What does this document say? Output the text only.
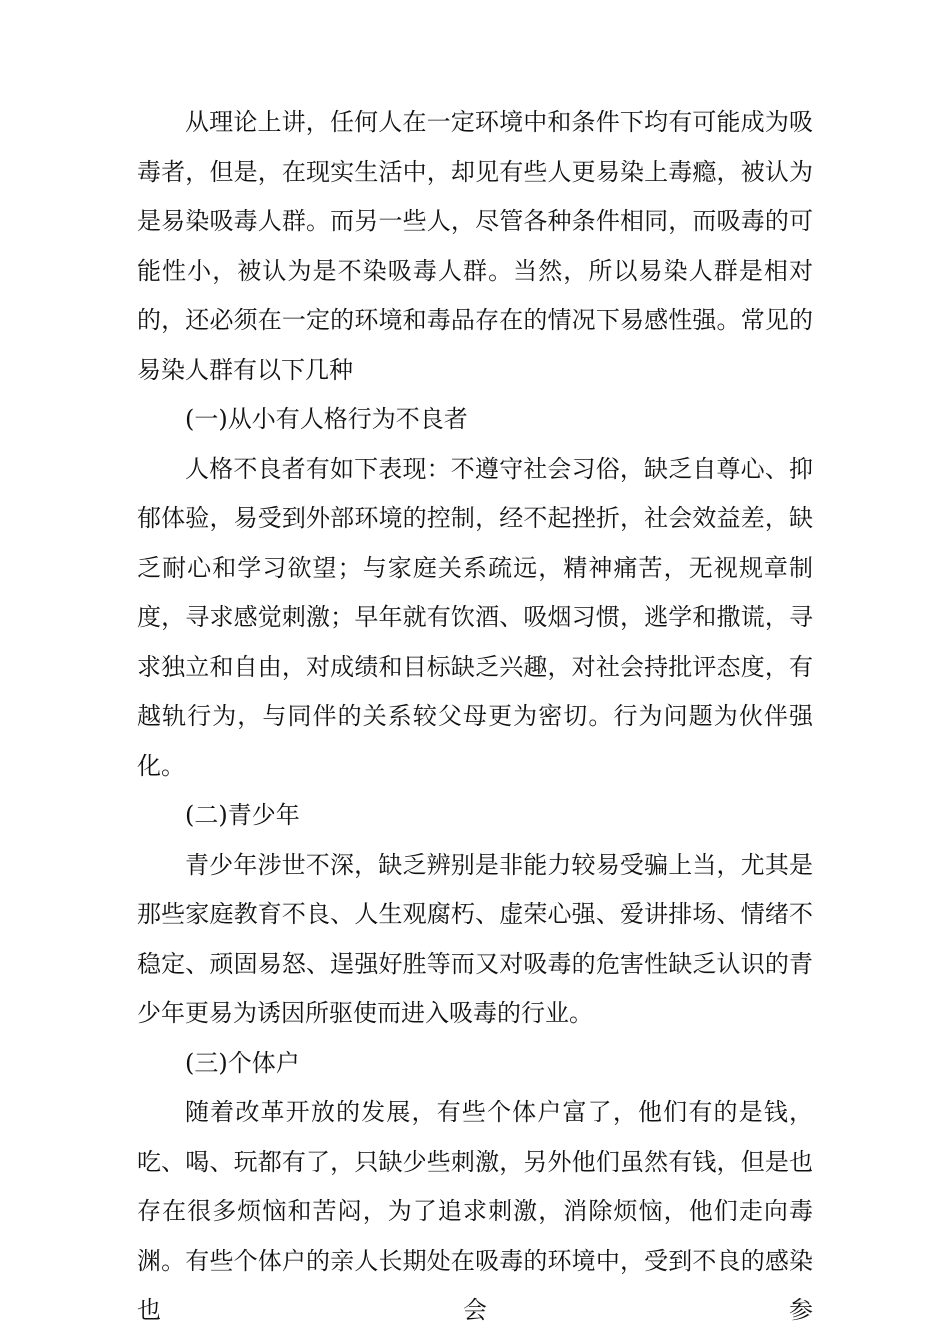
从理论上讲，任何人在一定环境中和条件下均有可能成为吸毒者，但是，在现实生活中，却见有些人更易染上毒瘾，被认为是易染吸毒人群。而另一些人，尽管各种条件相同，而吸毒的可能性小，被认为是不染吸毒人群。当然，所以易染人群是相对的，还必须在一定的环境和毒品存在的情况下易感性强。常见的易染人群有以下几种

(一)从小有人格行为不良者

人格不良者有如下表现：不遵守社会习俗，缺乏自尊心、抑郁体验，易受到外部环境的控制，经不起挫折，社会效益差，缺乏耐心和学习欲望；与家庭关系疏远，精神痛苦，无视规章制度，寻求感觉刺激；早年就有饮酒、吸烟习惯，逃学和撒谎，寻求独立和自由，对成绩和目标缺乏兴趣，对社会持批评态度，有越轨行为，与同伴的关系较父母更为密切。行为问题为伙伴强化。

(二)青少年

青少年涉世不深，缺乏辨别是非能力较易受骗上当，尤其是那些家庭教育不良、人生观腐朽、虚荣心强、爱讲排场、情绪不稳定、顽固易怒、逞强好胜等而又对吸毒的危害性缺乏认识的青少年更易为诱因所驱使而进入吸毒的行业。

(三)个体户

随着改革开放的发展，有些个体户富了，他们有的是钱，吃、喝、玩都有了，只缺少些刺激，另外他们虽然有钱，但是也存在很多烦恼和苦闷，为了追求刺激，消除烦恼，他们走向毒渊。有些个体户的亲人长期处在吸毒的环境中，受到不良的感染也会参
